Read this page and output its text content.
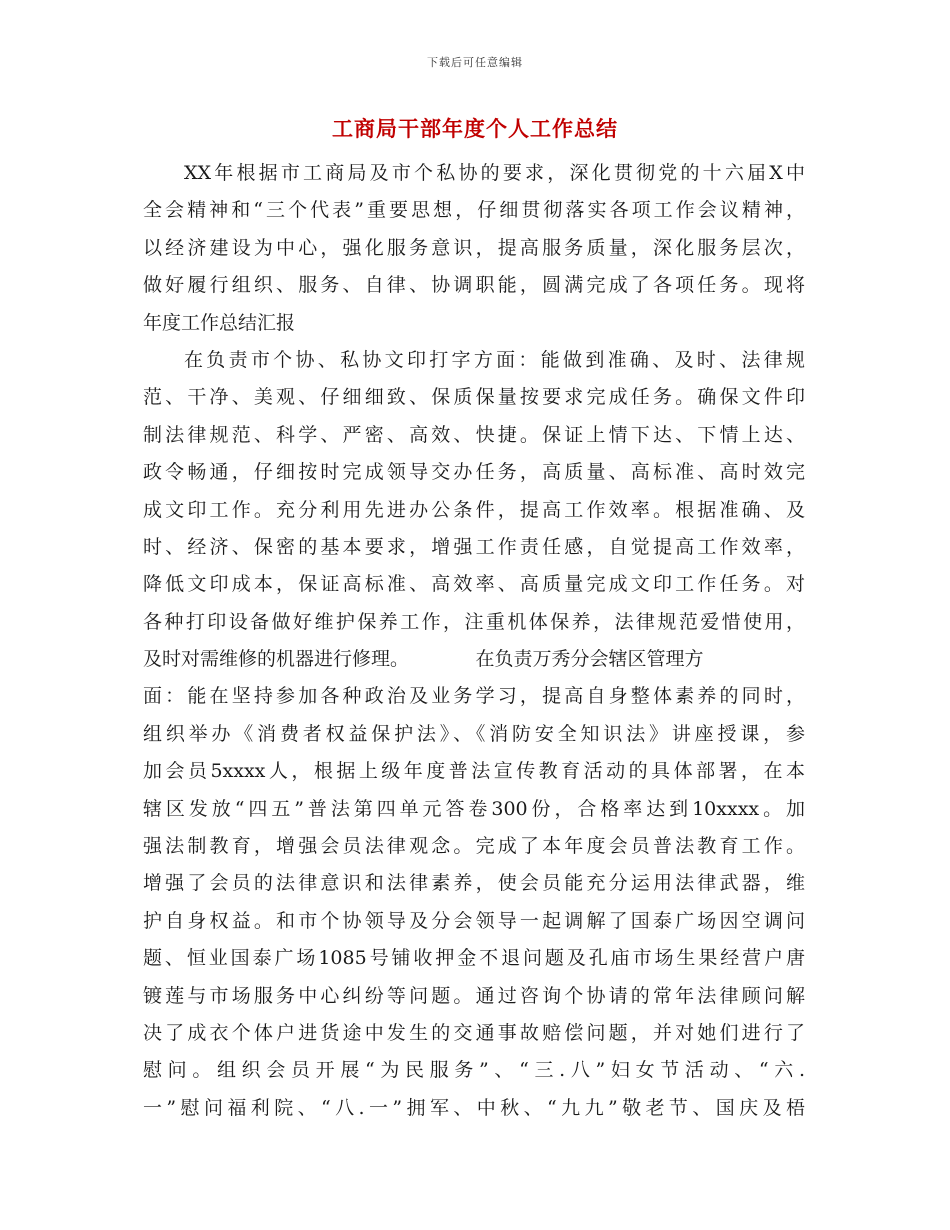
下载后可任意编辑
工商局干部年度个人工作总结
XX年根据市工商局及市个私协的要求，深化贯彻党的十六届X中
全会精神和“三个代表”重要思想，仔细贯彻落实各项工作会议精神，
以经济建设为中心，强化服务意识，提高服务质量，深化服务层次，
做好履行组织、服务、自律、协调职能，圆满完成了各项任务。现将
年度工作总结汇报
在负责市个协、私协文印打字方面：能做到准确、及时、法律规
范、干净、美观、仔细细致、保质保量按要求完成任务。确保文件印
制法律规范、科学、严密、高效、快捷。保证上情下达、下情上达、
政令畅通，仔细按时完成领导交办任务，高质量、高标准、高时效完
成文印工作。充分利用先进办公条件，提高工作效率。根据准确、及
时、经济、保密的基本要求，增强工作责任感，自觉提高工作效率，
降低文印成本，保证高标准、高效率、高质量完成文印工作任务。对
各种打印设备做好维护保养工作，注重机体保养，法律规范爱惜使用，
及时对需维修的机器进行修理。　　　　在负责万秀分会辖区管理方
面：能在坚持参加各种政治及业务学习，提高自身整体素养的同时，
组织举办《消费者权益保护法》、《消防安全知识法》讲座授课，参
加会员5xxxx人，根据上级年度普法宣传教育活动的具体部署，在本
辖区发放“四五”普法第四单元答卷300份，合格率达到10xxxx。加
强法制教育，增强会员法律观念。完成了本年度会员普法教育工作。
增强了会员的法律意识和法律素养，使会员能充分运用法律武器，维
护自身权益。和市个协领导及分会领导一起调解了国泰广场因空调问
题、恒业国泰广场1085号铺收押金不退问题及孔庙市场生果经营户唐
镀莲与市场服务中心纠纷等问题。通过咨询个协请的常年法律顾问解
决了成衣个体户进货途中发生的交通事故赔偿问题，并对她们进行了
慰问。组织会员开展“为民服务”、“三.八”妇女节活动、“六.
一”慰问福利院、“八.一”拥军、中秋、“九九”敬老节、国庆及梧
